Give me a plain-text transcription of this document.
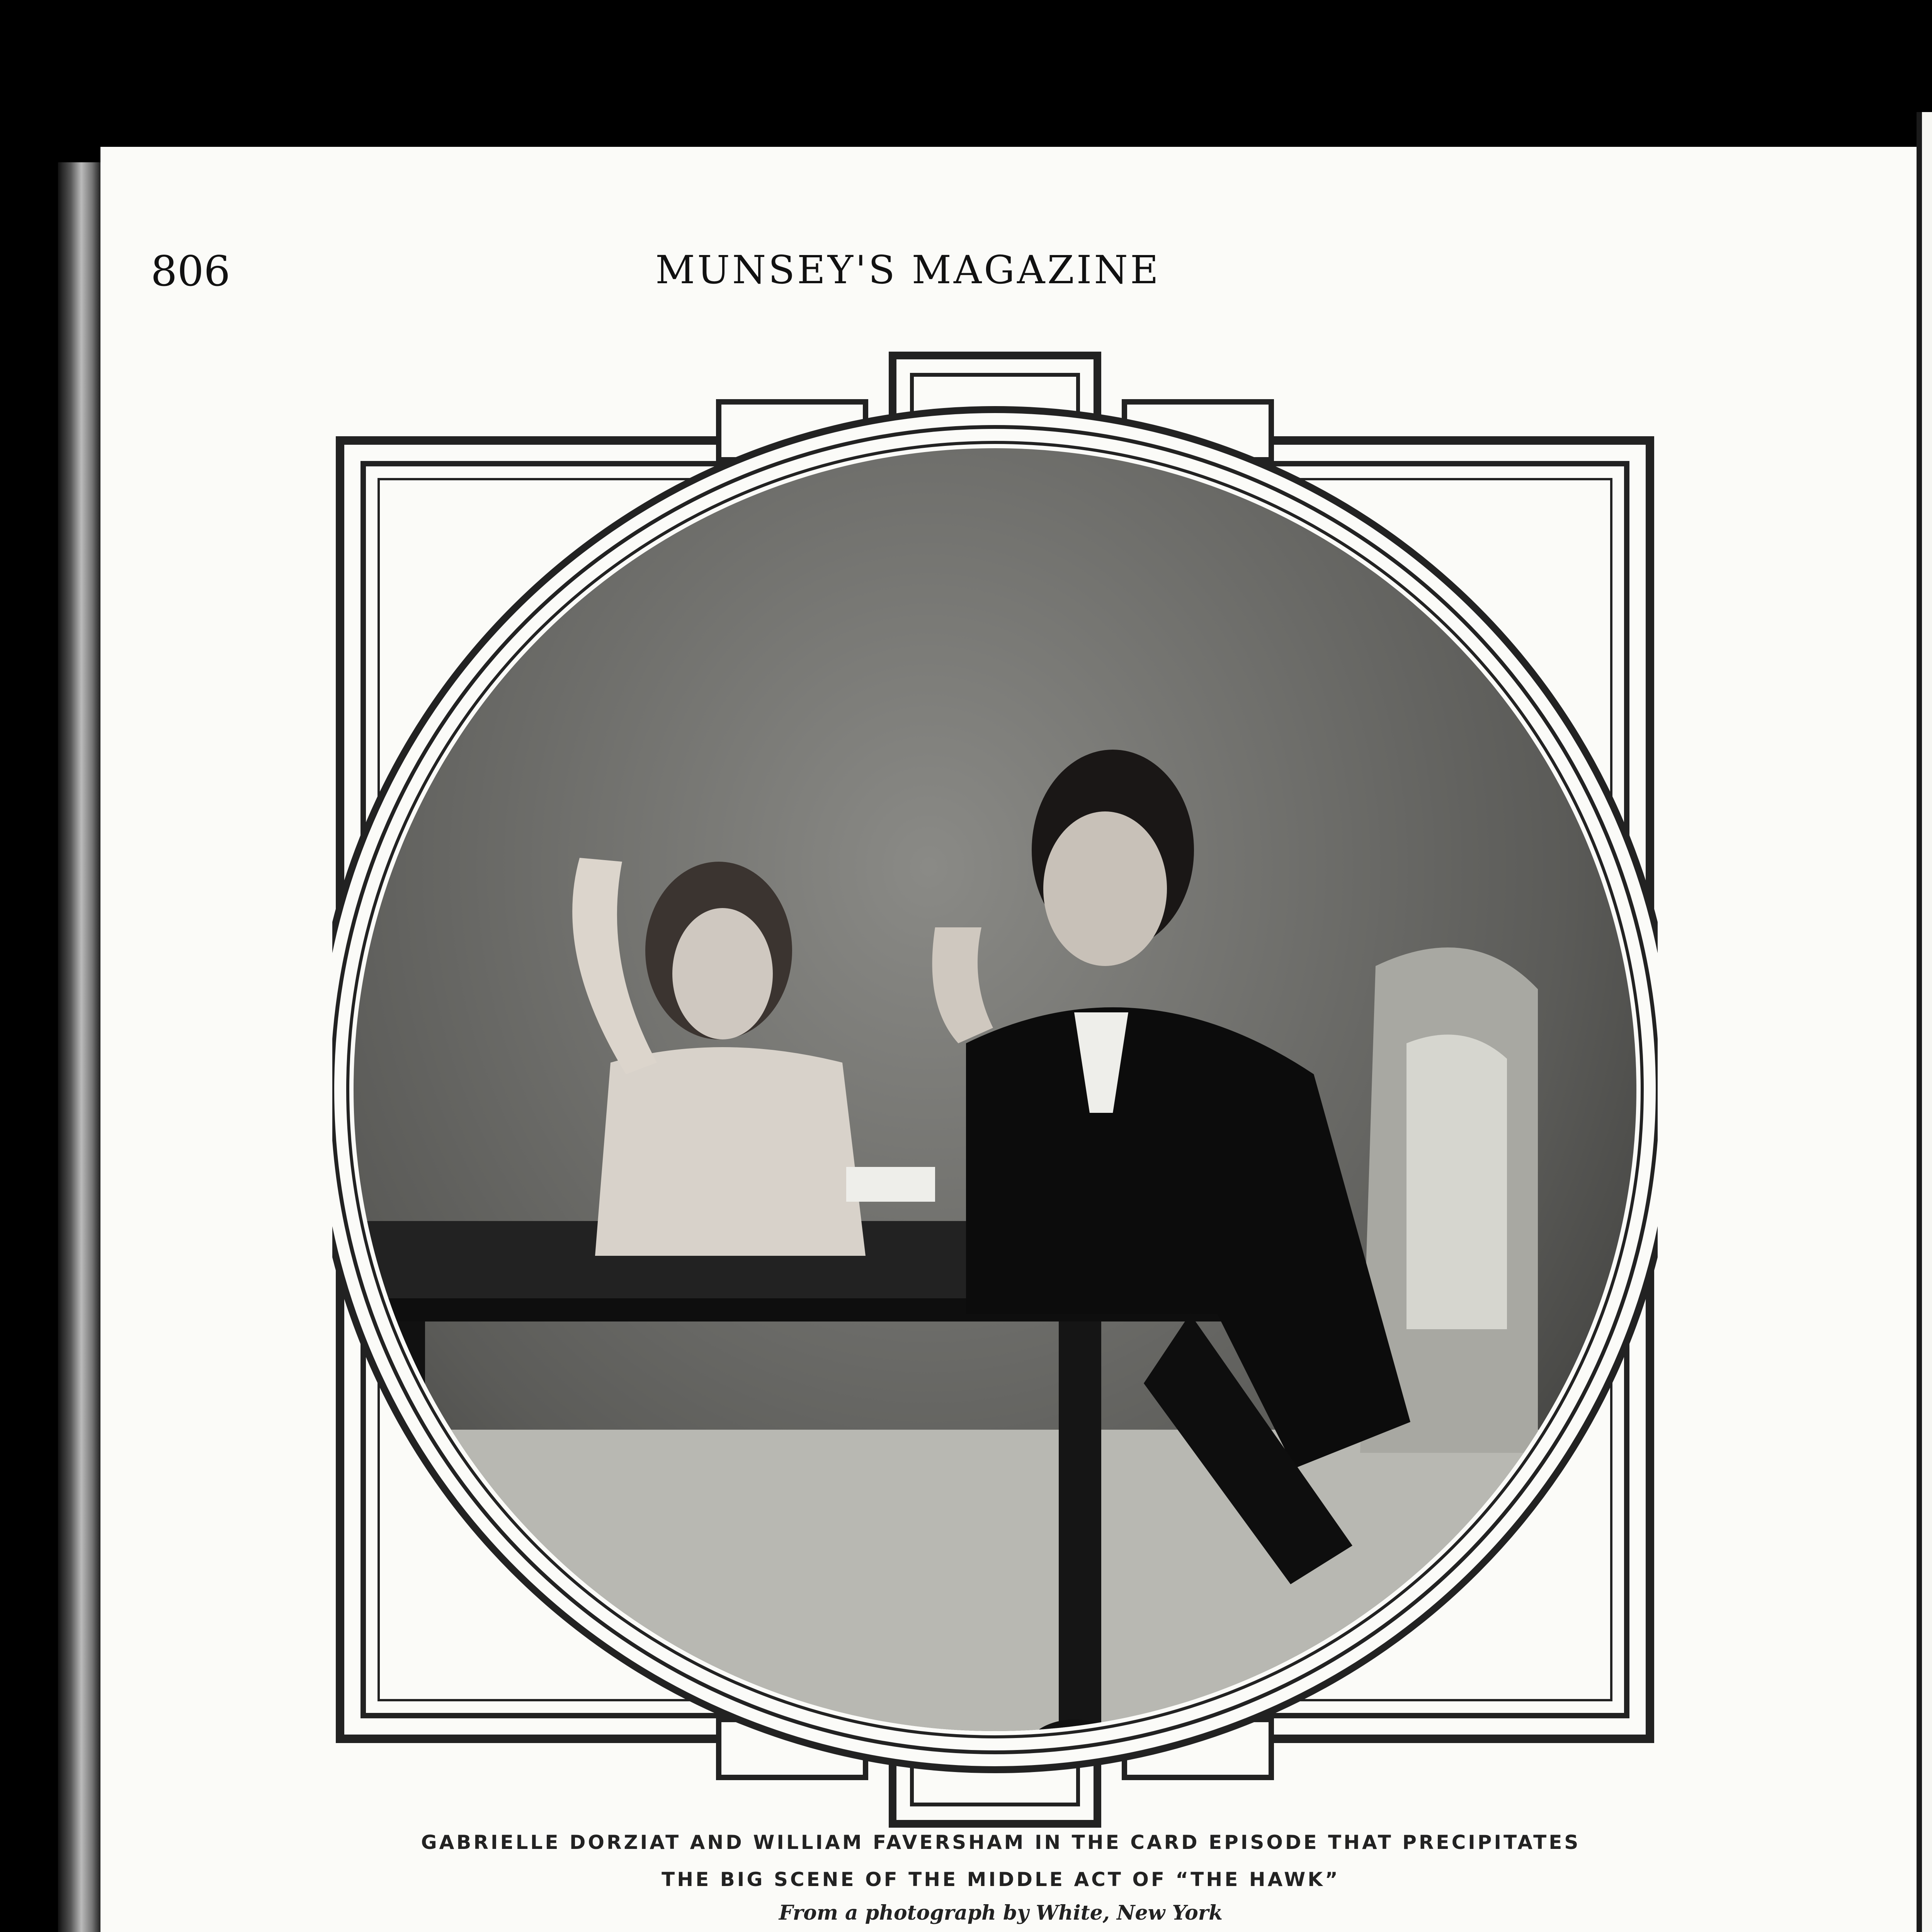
806	MUNSEY'S MAGAZINE
GABRIELLE DORZIAT AND WILLIAM FAVERSHAM IN THE CARD EPISODE THAT PRECIPITATES
THE BIG SCENE OF THE MIDDLE ACT OF “THE HAWK”
From a photograph by White, New York
